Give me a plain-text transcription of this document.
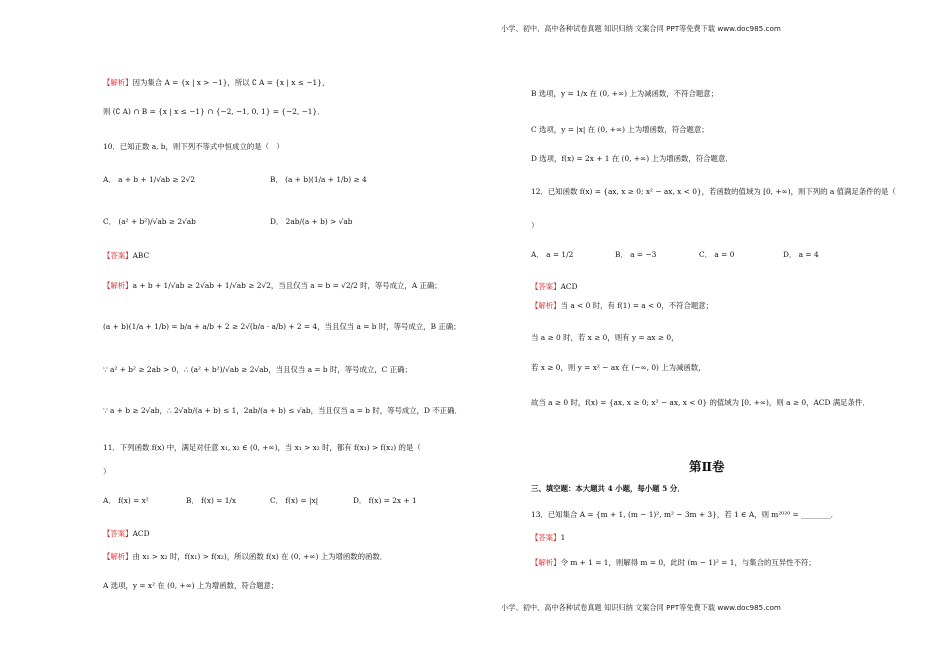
小学、初中、高中各种试卷真题 知识归纳 文案合同 PPT等免费下载 www.doc985.com
【解析】因为集合 A = {x | x > −1}，所以 ∁ A = {x | x ≤ −1}，
则 (∁ A) ∩ B = {x | x ≤ −1} ∩ {−2, −1, 0, 1} = {−2, −1}．
10．已知正数 a, b，则下列不等式中恒成立的是（　）
A． a + b + 1/√ab ≥ 2√2	B． (a + b)(1/a + 1/b) ≥ 4
C． (a² + b²)/√ab ≥ 2√ab	D． 2ab/(a + b) > √ab
【答案】ABC
【解析】a + b + 1/√ab ≥ 2√ab + 1/√ab ≥ 2√2，当且仅当 a = b = √2/2 时，等号成立，A 正确；
(a + b)(1/a + 1/b) = b/a + a/b + 2 ≥ 2√(b/a · a/b) + 2 = 4，当且仅当 a = b 时，等号成立，B 正确；
∵ a² + b² ≥ 2ab > 0，∴ (a² + b²)/√ab ≥ 2√ab，当且仅当 a = b 时，等号成立，C 正确；
∵ a + b ≥ 2√ab，∴ 2√ab/(a + b) ≤ 1，2ab/(a + b) ≤ √ab，当且仅当 a = b 时，等号成立，D 不正确．
11．下列函数 f(x) 中，满足对任意 x₁, x₂ ∈ (0, +∞)，当 x₁ > x₂ 时，都有 f(x₁) > f(x₂) 的是（
）
A． f(x) = x²	B． f(x) = 1/x	C． f(x) = |x|	D． f(x) = 2x + 1
【答案】ACD
【解析】由 x₁ > x₂ 时，f(x₁) > f(x₂)，所以函数 f(x) 在 (0, +∞) 上为增函数的函数．
A 选项，y = x² 在 (0, +∞) 上为增函数，符合题意；
B 选项，y = 1/x 在 (0, +∞) 上为减函数，不符合题意；
C 选项，y = |x| 在 (0, +∞) 上为增函数，符合题意；
D 选项，f(x) = 2x + 1 在 (0, +∞) 上为增函数，符合题意．
12．已知函数 f(x) = {ax, x ≥ 0; x² − ax, x < 0}，若函数的值域为 [0, +∞)，则下列的 a 值满足条件的是（
）
A． a = 1/2	B． a = −3	C． a = 0	D． a = 4
【答案】ACD
【解析】当 a < 0 时，有 f(1) = a < 0，不符合题意；
当 a ≥ 0 时，若 x ≥ 0，则有 y = ax ≥ 0，
若 x ≥ 0，则 y = x² − ax 在 (−∞, 0) 上为减函数，
故当 a ≥ 0 时，f(x) = {ax, x ≥ 0; x² − ax, x < 0} 的值域为 [0, +∞)，则 a ≥ 0，ACD 满足条件．
第Ⅱ卷
三、填空题：本大题共 4 小题，每小题 5 分．
13．已知集合 A = {m + 1, (m − 1)², m² − 3m + 3}，若 1 ∈ A，则 m²⁰²⁰ = ________．
【答案】1
【解析】令 m + 1 = 1，则解得 m = 0，此时 (m − 1)² = 1，与集合的互异性不符；
小学、初中、高中各种试卷真题 知识归纳 文案合同 PPT等免费下载 www.doc985.com
